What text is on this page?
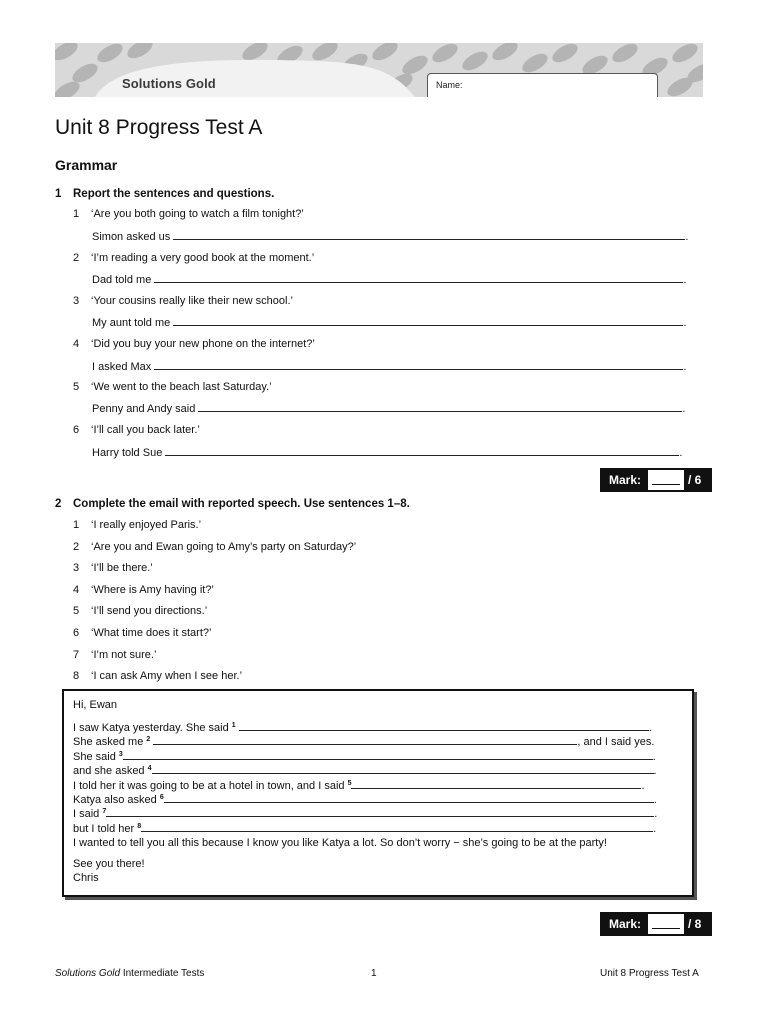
Solutions Gold	Name:
Unit 8 Progress Test A
Grammar
1 Report the sentences and questions.
1 ‘Are you both going to watch a film tonight?’
Simon asked us	.
2 ‘I’m reading a very good book at the moment.’
Dad told me	.
3 ‘Your cousins really like their new school.’
My aunt told me	.
4 ‘Did you buy your new phone on the internet?’
I asked Max	.
5 ‘We went to the beach last Saturday.’
Penny and Andy said	.
6 ‘I’ll call you back later.’
Harry told Sue	.
Mark:	/ 6
2 Complete the email with reported speech. Use sentences 1–8.
1 ‘I really enjoyed Paris.’
2 ‘Are you and Ewan going to Amy’s party on Saturday?’
3 ‘I’ll be there.’
4 ‘Where is Amy having it?’
5 ‘I’ll send you directions.’
6 ‘What time does it start?’
7 ‘I’m not sure.’
8 ‘I can ask Amy when I see her.’
Hi, Ewan
I saw Katya yesterday. She said $^1$	.
She asked me $^2$	, and I said yes.
She said $^3$	.
and she asked $^4$	.
I told her it was going to be at a hotel in town, and I said $^5$	.
Katya also asked $^6$	.
I said $^7$	.
but I told her $^8$	.
I wanted to tell you all this because I know you like Katya a lot. So don’t worry − she’s going to be at the party!
See you there!
Chris
Mark:	/ 8
Solutions Gold Intermediate Tests	1	Unit 8 Progress Test A
